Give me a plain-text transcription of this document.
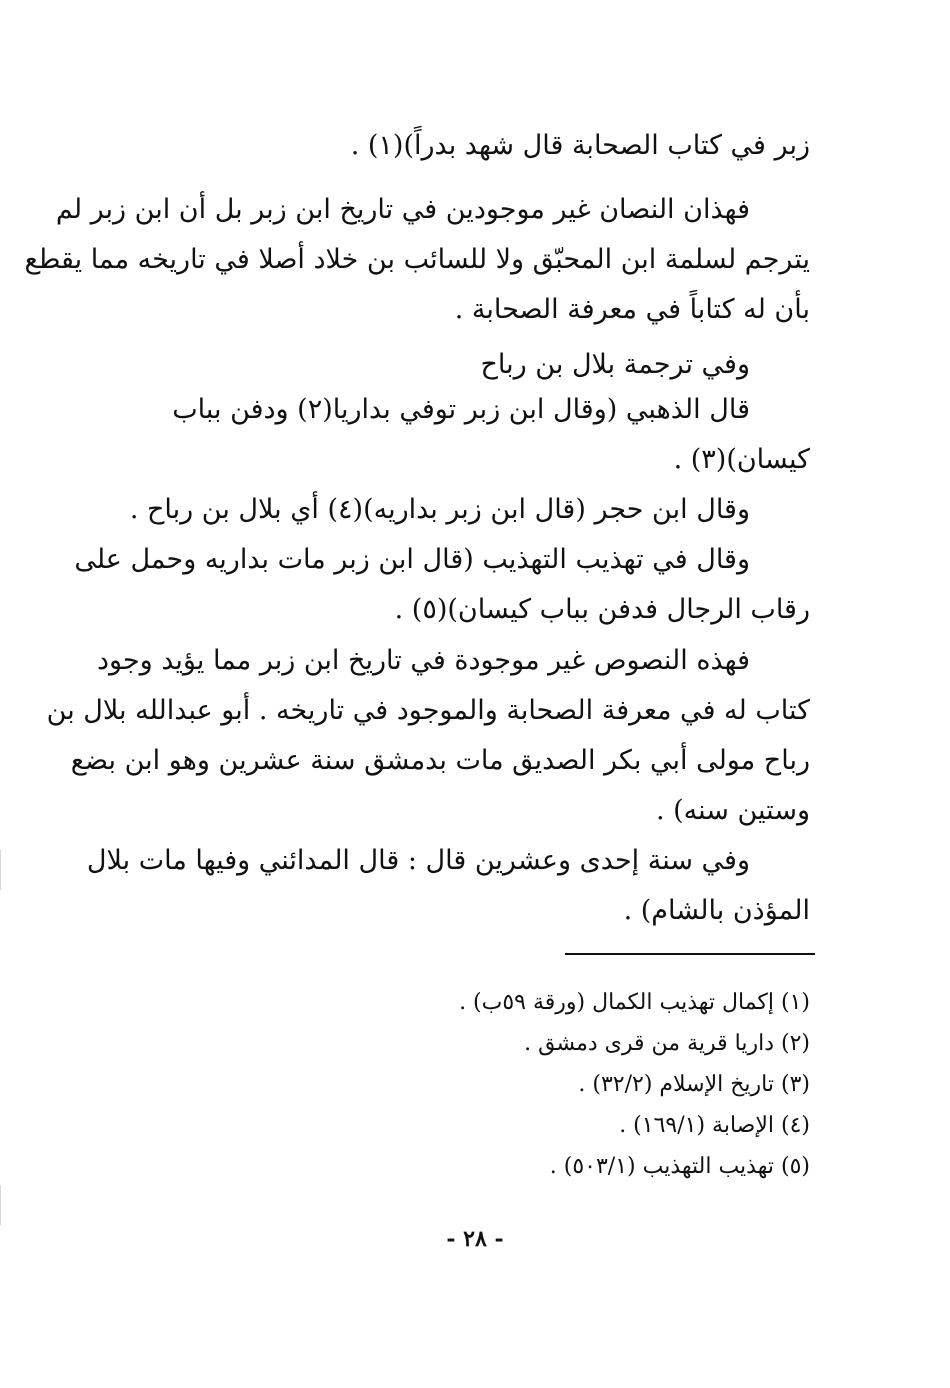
زبر في كتاب الصحابة قال شهد بدراً)(١) .
فهذان النصان غير موجودين في تاريخ ابن زبر بل أن ابن زبر لم
يترجم لسلمة ابن المحبّق ولا للسائب بن خلاد أصلا في تاريخه مما يقطع
بأن له كتاباً في معرفة الصحابة .
وفي ترجمة بلال بن رباح
قال الذهبي (وقال ابن زبر توفي بداريا(٢) ودفن بباب
كيسان)(٣) .
وقال ابن حجر (قال ابن زبر بداريه)(٤) أي بلال بن رباح .
وقال في تهذيب التهذيب (قال ابن زبر مات بداريه وحمل على
رقاب الرجال فدفن بباب كيسان)(٥) .
فهذه النصوص غير موجودة في تاريخ ابن زبر مما يؤيد وجود
كتاب له في معرفة الصحابة والموجود في تاريخه . أبو عبدالله بلال بن
رباح مولى أبي بكر الصديق مات بدمشق سنة عشرين وهو ابن بضع
وستين سنه) .
وفي سنة إحدى وعشرين قال : قال المدائني وفيها مات بلال
المؤذن بالشام) .
(١) إكمال تهذيب الكمال (ورقة ٥٩ب) .
(٢) داريا قرية من قرى دمشق .
(٣) تاريخ الإسلام (٣٢/٢) .
(٤) الإصابة (١٦٩/١) .
(٥) تهذيب التهذيب (٥٠٣/١) .
- ٢٨ -
